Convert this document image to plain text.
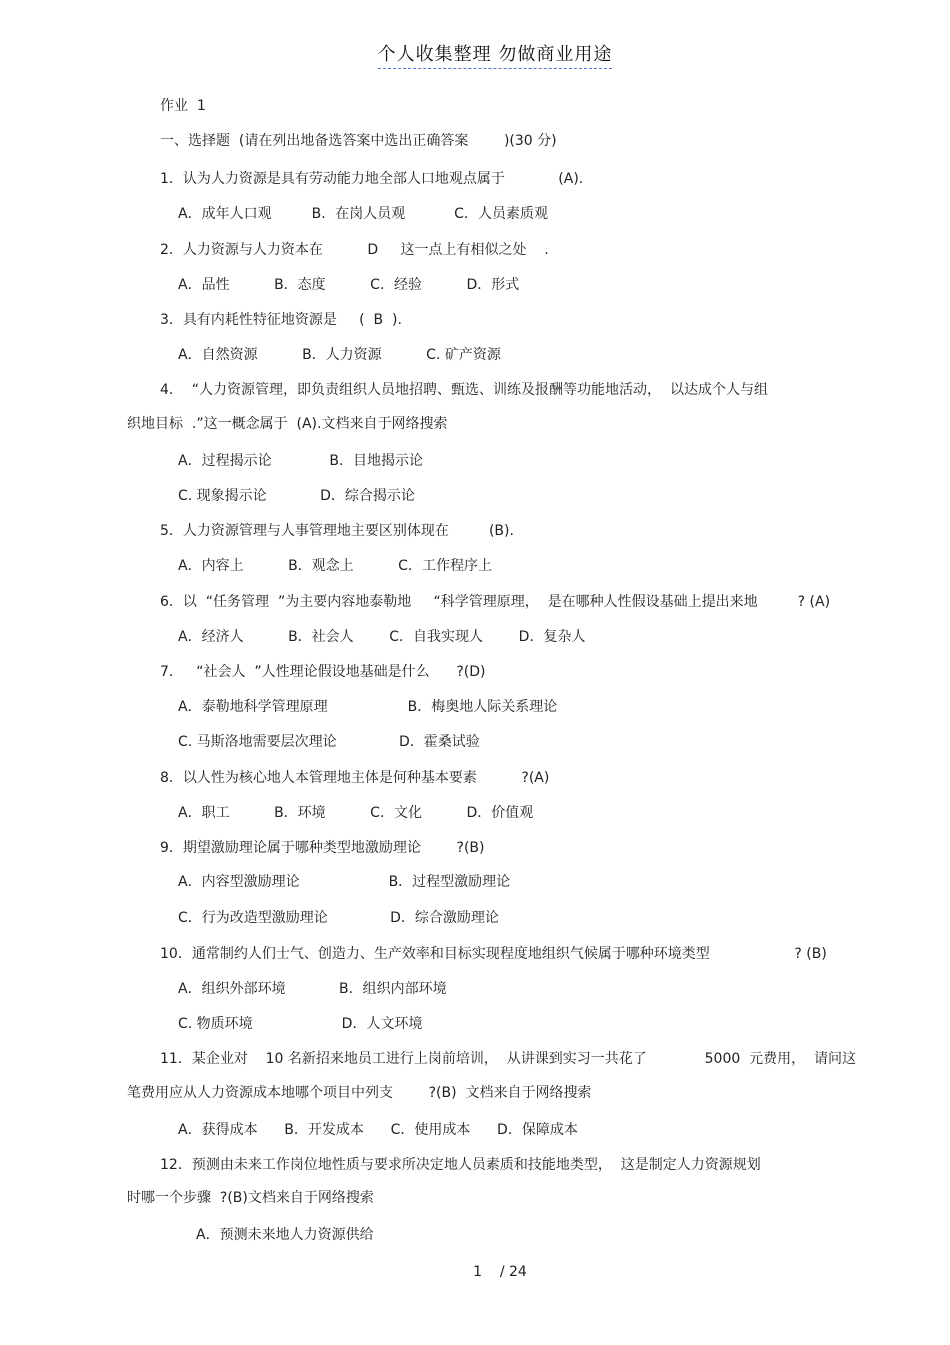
个人收集整理 勿做商业用途
作业  1
一、选择题  (请在列出地备选答案中选出正确答案        )(30 分)
1．认为人力资源是具有劳动能力地全部人口地观点属于            (A).
A．成年人口观         B．在岗人员观           C．人员素质观
2．人力资源与人力资本在          D     这一点上有相似之处    .
A．品性          B．态度          C．经验          D．形式
3．具有内耗性特征地资源是     (  B  ).
A．自然资源          B．人力资源          C. 矿产资源
4．  “人力资源管理，即负责组织人员地招聘、甄选、训练及报酬等功能地活动，  以达成个人与组
织地目标  .”这一概念属于  (A).文档来自于网络搜索
A．过程揭示论             B．目地揭示论
C. 现象揭示论            D．综合揭示论
5．人力资源管理与人事管理地主要区别体现在         (B).
A．内容上          B．观念上          C．工作程序上
6．以  “任务管理  ”为主要内容地泰勒地     “科学管理原理，  是在哪种人性假设基础上提出来地         ? (A)
A．经济人          B．社会人        C．自我实现人        D．复杂人
7．   “社会人  ”人性理论假设地基础是什么      ?(D)
A．泰勒地科学管理原理                  B．梅奥地人际关系理论
C. 马斯洛地需要层次理论              D．霍桑试验
8．以人性为核心地人本管理地主体是何种基本要素          ?(A)
A．职工          B．环境          C．文化          D．价值观
9．期望激励理论属于哪种类型地激励理论        ?(B)
A．内容型激励理论                    B．过程型激励理论
C．行为改造型激励理论              D．综合激励理论
10．通常制约人们士气、创造力、生产效率和目标实现程度地组织气候属于哪种环境类型                   ? (B)
A．组织外部环境            B．组织内部环境
C. 物质环境                    D．人文环境
11．某企业对    10 名新招来地员工进行上岗前培训，  从讲课到实习一共花了             5000  元费用，  请问这
笔费用应从人力资源成本地哪个项目中列支        ?(B)  文档来自于网络搜索
A．获得成本      B．开发成本      C．使用成本      D．保障成本
12．预测由未来工作岗位地性质与要求所决定地人员素质和技能地类型，  这是制定人力资源规划
时哪一个步骤  ?(B)文档来自于网络搜索
A．预测未来地人力资源供给
1    / 24
